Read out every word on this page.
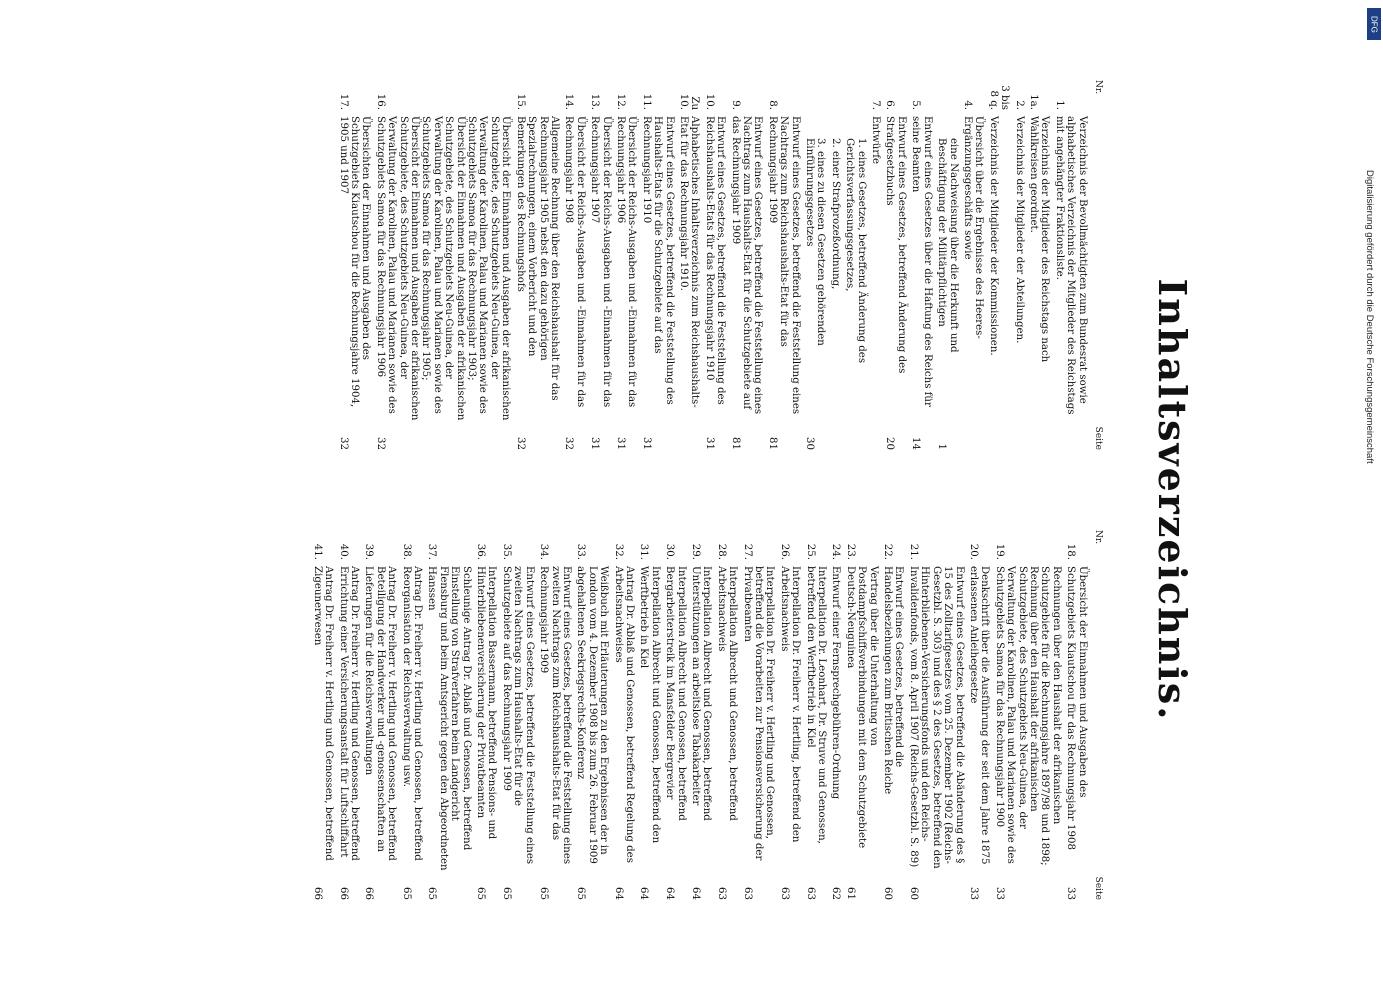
Inhaltsverzeichnis.
Nr.
Seite
1.
Verzeichnis der Bevollmächtigten zum Bundesrat sowie alphabetisches Verzeichnis der Mitglieder des Reichstags mit angehängter Fraktionsliste.
1a.
Verzeichnis der Mitglieder des Reichstags nach Wahlkreisen geordnet.
2.
Verzeichnis der Mitglieder der Abteilungen.
3 bis 8 q.
Verzeichnis der Mitglieder der Kommissionen.
4.
Übersicht über die Ergebnisse des Heeres-Ergänzungsgeschäfts sowie
eine Nachweisung über die Herkunft und Beschäftigung der Militärpflichtigen
1
5.
Entwurf eines Gesetzes über die Haftung des Reichs für seine Beamten
14
6.
Entwurf eines Gesetzes, betreffend Änderung des Strafgesetzbuchs
20
7.
Entwürfe
1. eines Gesetzes, betreffend Änderung des Gerichtsverfassungsgesetzes,
2. einer Strafprozeßordnung,
3. eines zu diesen Gesetzen gehörenden Einführungsgesetzes
30
8.
Entwurf eines Gesetzes, betreffend die Feststellung eines Nachtrags zum Reichshaushalts-Etat für das Rechnungsjahr 1909
81
9.
Entwurf eines Gesetzes, betreffend die Feststellung eines Nachtrags zum Haushalts-Etat für die Schutzgebiete auf das Rechnungsjahr 1909
81
10.
Entwurf eines Gesetzes, betreffend die Feststellung des Reichshaushalts-Etats für das Rechnungsjahr 1910
31
Zu 10.
Alphabetisches Inhaltsverzeichnis zum Reichshaushalts-Etat für das Rechnungsjahr 1910.
11.
Entwurf eines Gesetzes, betreffend die Feststellung des Haushalts-Etats für die Schutzgebiete auf das Rechnungsjahr 1910
31
12.
Übersicht der Reichs-Ausgaben und -Einnahmen für das Rechnungsjahr 1906
31
13.
Übersicht der Reichs-Ausgaben und -Einnahmen für das Rechnungsjahr 1907
31
14.
Übersicht der Reichs-Ausgaben und -Einnahmen für das Rechnungsjahr 1908
32
15.
Allgemeine Rechnung über den Reichshaushalt für das Rechnungsjahr 1905 nebst den dazu gehörigen Spezialrechnungen, einem Vorbericht und den Bemerkungen des Rechnungshofs
32
16.
Übersicht der Einnahmen und Ausgaben der afrikanischen Schutzgebiete, des Schutzgebiets Neu-Guinea, der Verwaltung der Karolinen, Palau und Marianen sowie des Schutzgebiets Samoa für das Rechnungsjahr 1903; Übersicht der Einnahmen und Ausgaben der afrikanischen Schutzgebiete, des Schutzgebiets Neu-Guinea, der Verwaltung der Karolinen, Palau und Marianen sowie des Schutzgebiets Samoa für das Rechnungsjahr 1905; Übersicht der Einnahmen und Ausgaben der afrikanischen Schutzgebiete, des Schutzgebiets Neu-Guinea, der Verwaltung der Karolinen, Palau und Marianen sowie des Schutzgebiets Samoa für das Rechnungsjahr 1906
32
17.
Übersichten der Einnahmen und Ausgaben des Schutzgebiets Kiautschou für die Rechnungsjahre 1904, 1905 und 1907
32
Nr.
Seite
18.
Übersicht der Einnahmen und Ausgaben des Schutzgebiets Kiautschou für das Rechnungsjahr 1908
33
19.
Rechnungen über den Haushalt der afrikanischen Schutzgebiete für die Rechnungsjahre 1897/98 und 1898; Rechnung über den Haushalt der afrikanischen Schutzgebiete, des Schutzgebiets Neu-Guinea, der Verwaltung der Karolinen, Palau und Marianen sowie des Schutzgebiets Samoa für das Rechnungsjahr 1900
33
20.
Denkschrift über die Ausführung der seit dem Jahre 1875 erlassenen Anleihegesetze
33
21.
Entwurf eines Gesetzes, betreffend die Abänderung des § 15 des Zolltarifgesetzes vom 25. Dezember 1902 (Reichs-Gesetzbl. S. 303) und des § 2 des Gesetzes, betreffend den Hinterbliebenen-Versicherungsfonds und den Reichs-Invalidenfonds, vom 8. April 1907 (Reichs-Gesetzbl. S. 89)
60
22.
Entwurf eines Gesetzes, betreffend die Handelsbeziehungen zum Britischen Reiche
60
23.
Vertrag über die Unterhaltung von Postdampfschiffsverbindungen mit dem Schutzgebiete Deutsch-Neuguinea
61
24.
Entwurf einer Fernsprechgebühren-Ordnung
62
25.
Interpellation Dr. Leonhart, Dr. Struve und Genossen, betreffend den Werftbetrieb in Kiel
63
26.
Interpellation Dr. Freiherr v. Hertling, betreffend den Arbeitsnachweis
63
27.
Interpellation Dr. Freiherr v. Hertling und Genossen, betreffend die Vorarbeiten zur Pensionsversicherung der Privatbeamten
63
28.
Interpellation Albrecht und Genossen, betreffend Arbeitsnachweis
63
29.
Interpellation Albrecht und Genossen, betreffend Unterstützungen an arbeitslose Tabakarbeiter
64
30.
Interpellation Albrecht und Genossen, betreffend Bergarbeiterstreik im Mansfelder Bergrevier
64
31.
Interpellation Albrecht und Genossen, betreffend den Werftbetrieb in Kiel
64
32.
Antrag Dr. Ablaß und Genossen, betreffend Regelung des Arbeitsnachweises
64
33.
Weißbuch mit Erläuterungen zu den Ergebnissen der in London vom 4. Dezember 1908 bis zum 26. Februar 1909 abgehaltenen Seekriegsrechts-Konferenz
65
34.
Entwurf eines Gesetzes, betreffend die Feststellung eines zweiten Nachtrags zum Reichshaushalts-Etat für das Rechnungsjahr 1909
65
35.
Entwurf eines Gesetzes, betreffend die Feststellung eines zweiten Nachtrags zum Haushalts-Etat für die Schutzgebiete auf das Rechnungsjahr 1909
65
36.
Interpellation Bassermann, betreffend Pensions- und Hinterbliebenenversicherung der Privatbeamten
65
37.
Schleunige Antrag Dr. Ablaß und Genossen, betreffend Einstellung von Strafverfahren beim Landgericht Flensburg und beim Amtsgericht gegen den Abgeordneten Hanssen
65
38.
Antrag Dr. Freiherr v. Hertling und Genossen, betreffend Reorganisation der Reichsverwaltung usw.
65
39.
Antrag Dr. Freiherr v. Hertling und Genossen, betreffend Beteiligung der Handwerker und -genossenschaften an Lieferungen für die Reichsverwaltungen
66
40.
Antrag Dr. Freiherr v. Hertling und Genossen, betreffend Errichtung einer Versicherungsanstalt für Luftschiffahrt
66
41.
Antrag Dr. Freiherr v. Hertling und Genossen, betreffend Zigeunerwesen
66
Digitalisierung gefördert durch die Deutsche Forschungsgemeinschaft
DFG
